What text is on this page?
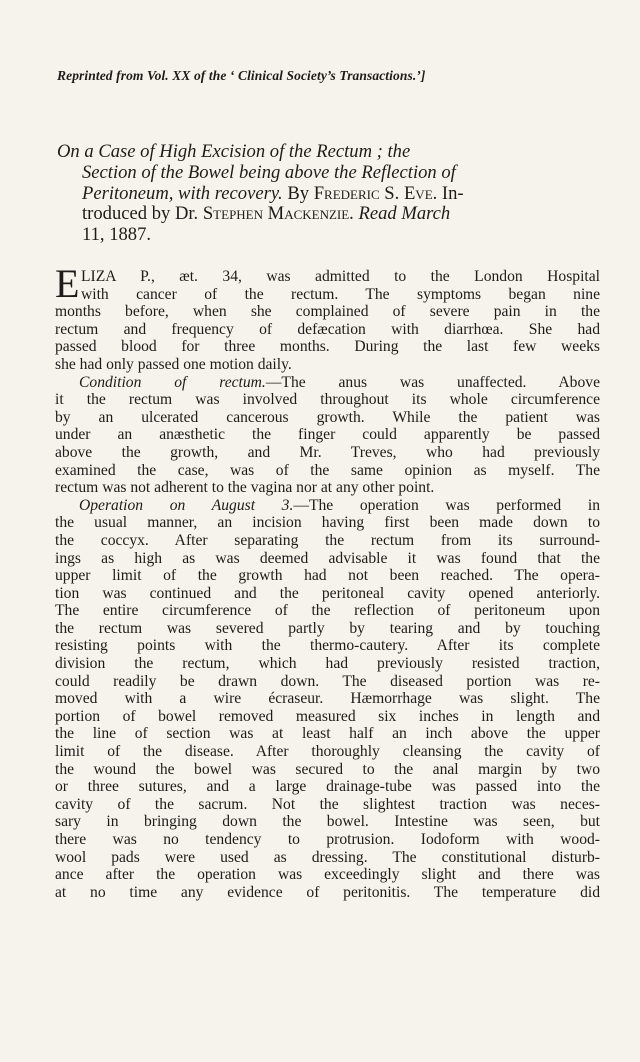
Reprinted from Vol. XX of the ‘ Clinical Society’s Transactions.’]
On a Case of High Excision of the Rectum ; the
Section of the Bowel being above the Reflection of
Peritoneum, with recovery. By Frederic S. Eve. In-
troduced by Dr. Stephen Mackenzie. Read March
11, 1887.
E LIZA P., æt. 34, was admitted to the London Hospital
with cancer of the rectum. The symptoms began nine
months before, when she complained of severe pain in the
rectum and frequency of defæcation with diarrhœa. She had
passed blood for three months. During the last few weeks
she had only passed one motion daily.
Condition of rectum.—The anus was unaffected. Above
it the rectum was involved throughout its whole circumference
by an ulcerated cancerous growth. While the patient was
under an anæsthetic the finger could apparently be passed
above the growth, and Mr. Treves, who had previously
examined the case, was of the same opinion as myself. The
rectum was not adherent to the vagina nor at any other point.
Operation on August 3.—The operation was performed in
the usual manner, an incision having first been made down to
the coccyx. After separating the rectum from its surround-
ings as high as was deemed advisable it was found that the
upper limit of the growth had not been reached. The opera-
tion was continued and the peritoneal cavity opened anteriorly.
The entire circumference of the reflection of peritoneum upon
the rectum was severed partly by tearing and by touching
resisting points with the thermo-cautery. After its complete
division the rectum, which had previously resisted traction,
could readily be drawn down. The diseased portion was re-
moved with a wire écraseur. Hæmorrhage was slight. The
portion of bowel removed measured six inches in length and
the line of section was at least half an inch above the upper
limit of the disease. After thoroughly cleansing the cavity of
the wound the bowel was secured to the anal margin by two
or three sutures, and a large drainage-tube was passed into the
cavity of the sacrum. Not the slightest traction was neces-
sary in bringing down the bowel. Intestine was seen, but
there was no tendency to protrusion. Iodoform with wood-
wool pads were used as dressing. The constitutional disturb-
ance after the operation was exceedingly slight and there was
at no time any evidence of peritonitis. The temperature did
